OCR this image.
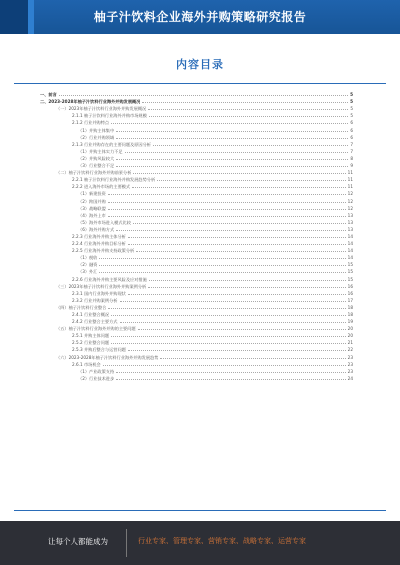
柚子汁饮料企业海外并购策略研究报告
内容目录
一、前言	5
二、2023-2028年柚子汁饮料行业海外并购发展概况	5
（一）2023年柚子汁饮料行业海外并购发展概况	5
2.1.1 柚子汁饮料行业海外并购市场规模	5
2.1.2 行业并购特点	6
（1）并购主体集中	6
（2）行业并购领域	6
2.1.3 行业并购存在的主要问题及原因分析	7
（1）并购主体实力不足	7
（2）并购风险较大	8
（3）行业整合不足	9
（二）柚子汁饮料行业海外并购前景分析	11
2.2.1 柚子汁饮料行业海外并购发展趋势分析	11
2.2.2 进入海外市场的主要模式	11
（1）新建投资	12
（2）跨国并购	12
（3）战略联盟	12
（4）海外上市	13
（5）海外市场进入模式比较	13
（6）海外并购方式	13
2.2.3 行业海外并购主体分析	14
2.2.4 行业海外并购目标分析	14
2.2.5 行业海外并购支持政策分析	14
（1）税收	14
（2）融资	15
（3）外汇	15
2.2.6 行业海外并购主要风险及应对措施	15
（三）2023年柚子汁饮料行业海外并购案例分析	16
2.3.1 国内行业海外并购现状	16
2.3.2 行业并购案例分析	17
（四）柚子汁饮料行业整合	18
2.4.1 行业整合概况	18
2.4.2 行业整合主要方式	19
（五）柚子汁饮料行业海外并购的主要问题	20
2.5.1 并购主体问题	20
2.5.2 行业整合问题	21
2.5.3 并购后整合与运营问题	22
（六）2023-2028年柚子汁饮料行业海外并购发展趋势	23
2.6.1 市场机会	23
（1）产业政策支持	23
（2）行业技术进步	24
让每个人都能成为	行业专家、管理专家、营销专家、战略专家、运营专家
